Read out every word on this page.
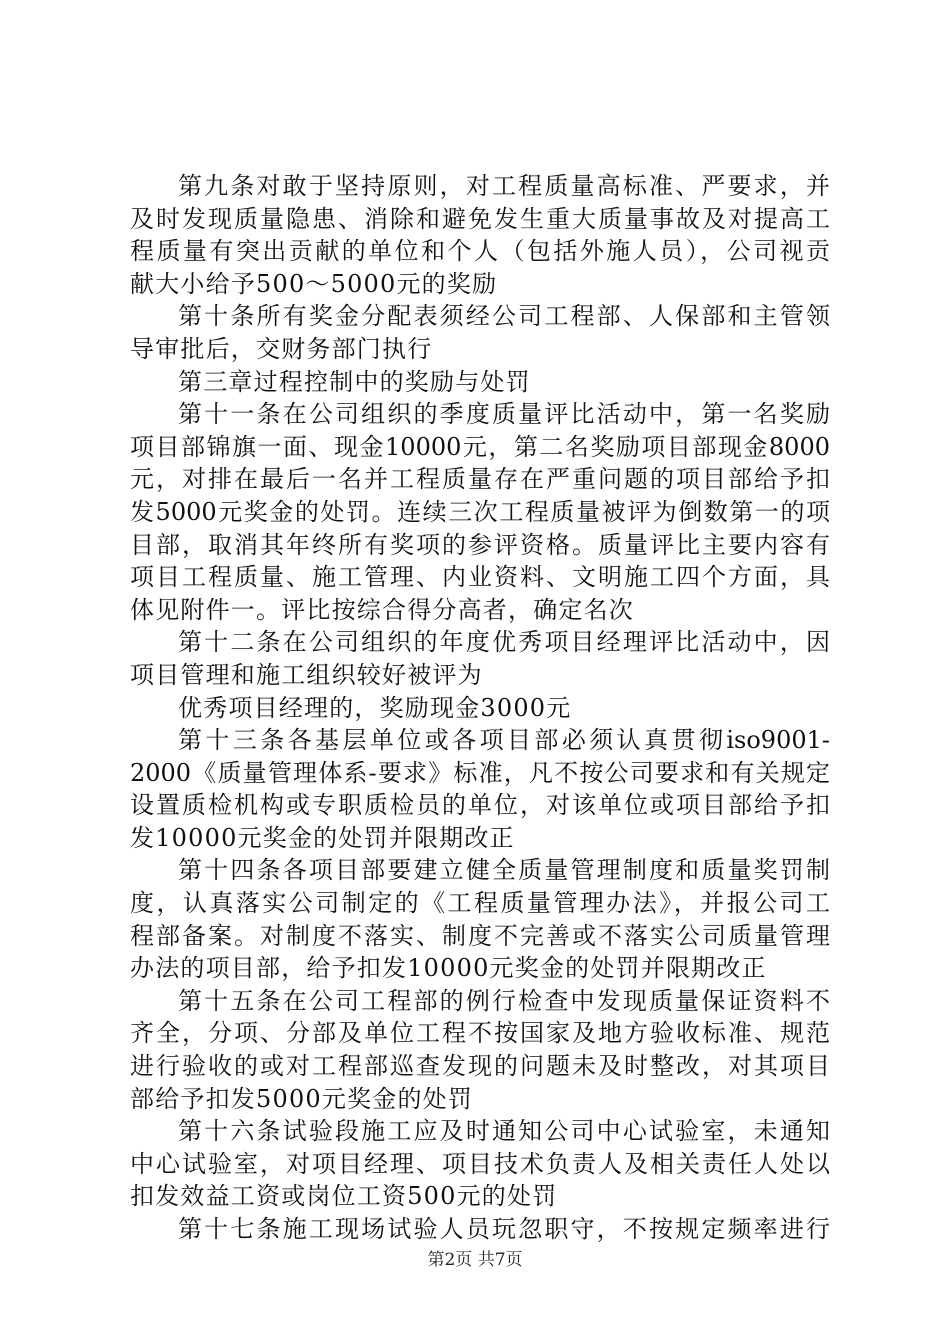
第九条对敢于坚持原则，对工程质量高标准、严要求，并
及时发现质量隐患、消除和避免发生重大质量事故及对提高工
程质量有突出贡献的单位和个人（包括外施人员），公司视贡
献大小给予500～5000元的奖励
第十条所有奖金分配表须经公司工程部、人保部和主管领
导审批后，交财务部门执行
第三章过程控制中的奖励与处罚
第十一条在公司组织的季度质量评比活动中，第一名奖励
项目部锦旗一面、现金10000元，第二名奖励项目部现金8000
元，对排在最后一名并工程质量存在严重问题的项目部给予扣
发5000元奖金的处罚。连续三次工程质量被评为倒数第一的项
目部，取消其年终所有奖项的参评资格。质量评比主要内容有
项目工程质量、施工管理、内业资料、文明施工四个方面，具
体见附件一。评比按综合得分高者，确定名次
第十二条在公司组织的年度优秀项目经理评比活动中，因
项目管理和施工组织较好被评为
优秀项目经理的，奖励现金3000元
第十三条各基层单位或各项目部必须认真贯彻iso9001-
2000《质量管理体系-要求》标准，凡不按公司要求和有关规定
设置质检机构或专职质检员的单位，对该单位或项目部给予扣
发10000元奖金的处罚并限期改正
第十四条各项目部要建立健全质量管理制度和质量奖罚制
度，认真落实公司制定的《工程质量管理办法》，并报公司工
程部备案。对制度不落实、制度不完善或不落实公司质量管理
办法的项目部，给予扣发10000元奖金的处罚并限期改正
第十五条在公司工程部的例行检查中发现质量保证资料不
齐全，分项、分部及单位工程不按国家及地方验收标准、规范
进行验收的或对工程部巡查发现的问题未及时整改，对其项目
部给予扣发5000元奖金的处罚
第十六条试验段施工应及时通知公司中心试验室，未通知
中心试验室，对项目经理、项目技术负责人及相关责任人处以
扣发效益工资或岗位工资500元的处罚
第十七条施工现场试验人员玩忽职守，不按规定频率进行
第2页 共7页
